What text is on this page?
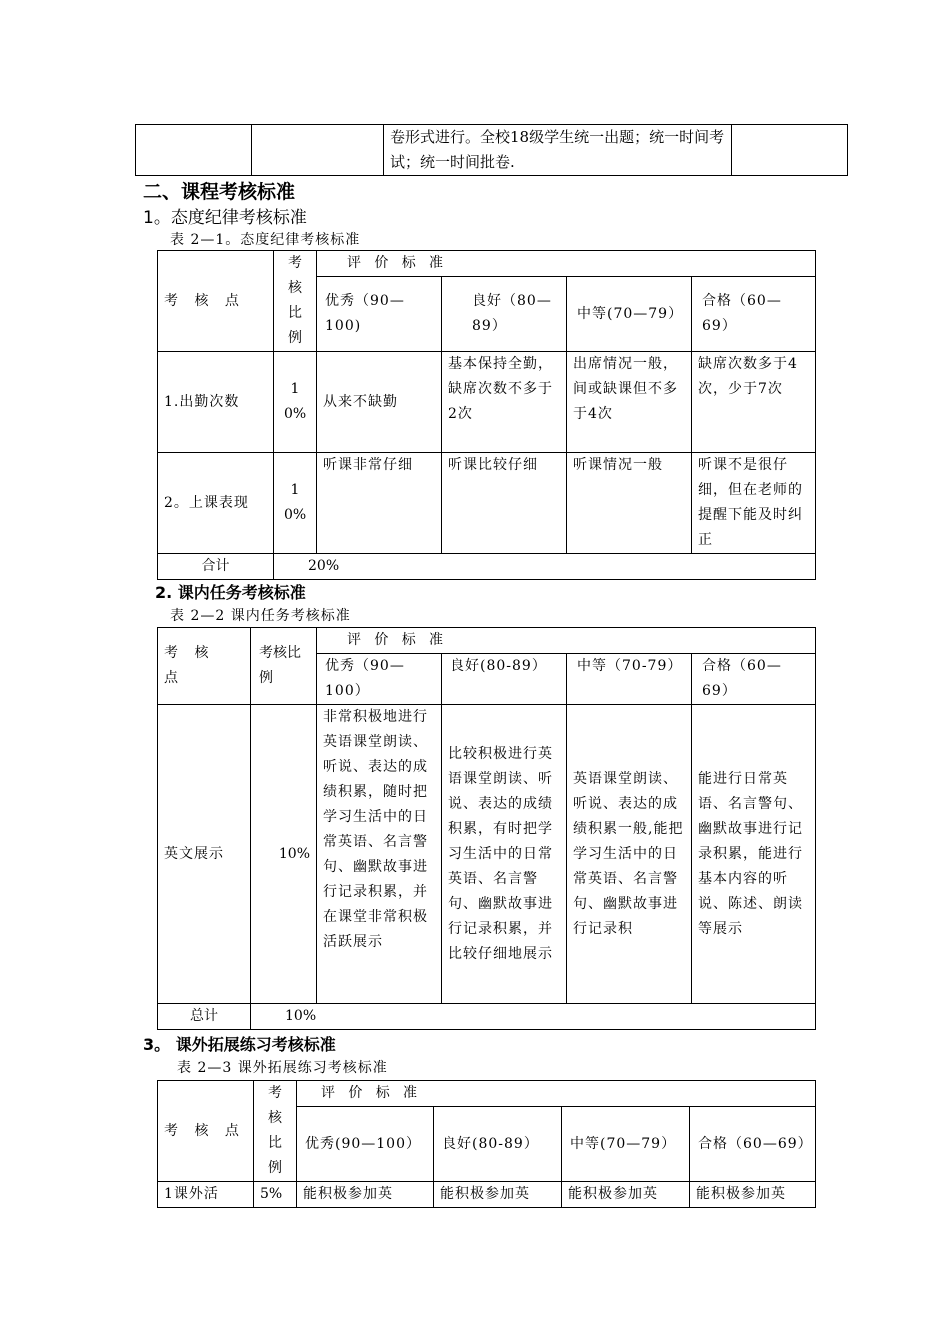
		卷形式进行。全校18级学生统一出题；统一时间考试；统一时间批卷.	
二、课程考核标准
1。态度纪律考核标准
表 2—1。态度纪律考核标准
考 核 点	考核比例	评   价   标   准			
		优秀（90—100)	良好（80—89）	中等(70—79）	合格（60—69）
1.出勤次数	10%	从来不缺勤	基本保持全勤，缺席次数不多于2次	出席情况一般，间或缺课但不多于4次	缺席次数多于4次，少于7次
2。上课表现	10%	听课非常仔细	听课比较仔细	听课情况一般	听课不是很仔细，但在老师的提醒下能及时纠正
合计	20%				
2. 课内任务考核标准
表 2—2 课内任务考核标准
考 核 点	考核比例	评   价   标   准			
		优秀（90—100）	良好(80-89）	中等（70-79）	合格（60—69）
英文展示	10%	非常积极地进行英语课堂朗读、听说、表达的成绩积累，随时把学习生活中的日常英语、名言警句、幽默故事进行记录积累，并在课堂非常积极活跃展示	比较积极进行英语课堂朗读、听说、表达的成绩积累，有时把学习生活中的日常英语、名言警句、幽默故事进行记录积累，并比较仔细地展示	英语课堂朗读、听说、表达的成绩积累一般,能把学习生活中的日常英语、名言警句、幽默故事进行记录积	能进行日常英语、名言警句、幽默故事进行记录积累，能进行基本内容的听说、陈述、朗读等展示
总计	10%				
3。 课外拓展练习考核标准
表 2—3 课外拓展练习考核标准
考 核 点	考核比例	评   价   标   准			
		优秀(90—100）	良好(80-89）	中等(70—79）	合格（60—69）
1课外活	5%	能积极参加英	能积极参加英	能积极参加英	能积极参加英
